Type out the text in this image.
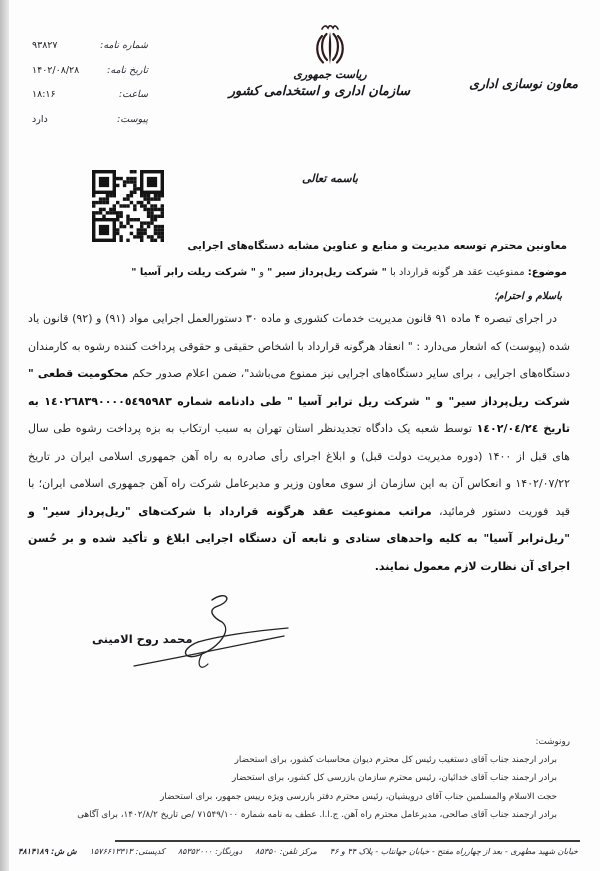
معاون نوسازی اداری
ریاست جمهوری
سازمان اداری و استخدامی کشور
شماره نامه:
۹۳۸۲۷
تاریخ نامه:
۱۴۰۲/۰۸/۲۸
ساعت:
۱۸:۱۶
پیوست:
دارد
باسمه تعالی
معاونین محترم توسعه مدیریت و منابع و عناوین مشابه دستگاه‌های اجرایی
موضوع: ممنوعیت عقد هر گونه قرارداد با " شرکت ریل‌پرداز سیر " و " شرکت ریلت رابر آسیا "
باسلام و احترام؛

در اجرای تبصره ۴ ماده ۹۱ قانون مدیریت خدمات کشوری و ماده ۳۰ دستورالعمل اجرایی مواد (۹۱) و (۹۲) قانون یاد شده (پیوست) که اشعار می‌دارد : " انعقاد هرگونه قرارداد با اشخاص حقیقی و حقوقی پرداخت کننده رشوه به کارمندان دستگاه‌های اجرایی ، برای سایر دستگاه‌های اجرایی نیز ممنوع می‌باشد"، ضمن اعلام صدور حکم محکومیت قطعی " شرکت ریل‌پرداز سیر" و " شرکت ریل ترابر آسیا " طی دادنامه شماره ١٤٠٢٦٨٣٩٠٠٠٠٥٤٩٥٩٨٣ به تاریخ ١٤٠٢/٠٤/٢٤ توسط شعبه یک دادگاه تجدیدنظر استان تهران به سبب ارتکاب به بزه پرداخت رشوه طی سال های قبل از ۱۴۰۰ (دوره مدیریت دولت قبل) و ابلاغ اجرای رأی صادره به راه آهن جمهوری اسلامی ایران در تاریخ ۱۴۰۲/۰۷/۲۲ و انعکاس آن به این سازمان از سوی معاون وزیر و مدیرعامل شرکت راه آهن جمهوری اسلامی ایران؛ با قید فوریت دستور فرمائید، مراتب ممنوعیت عقد هرگونه قرارداد با شرکت‌های "ریل‌پرداز سیر" و "ریل‌ترابر آسیا" به کلیه واحدهای ستادی و تابعه آن دستگاه اجرایی ابلاغ و تأکید شده و بر حُسن اجرای آن نظارت لازم معمول نمایند.

محمد روح الامینی
رونوشت:
برادر ارجمند جناب آقای دستغیب رئیس کل محترم دیوان محاسبات کشور، برای استحضار
برادر ارجمند جناب آقای خدائیان، رئیس محترم سازمان بازرسی کل کشور، برای استحضار
حجت الاسلام والمسلمین جناب آقای درویشیان، رئیس محترم دفتر بازرسی ویژه رییس جمهور، برای استحضار
برادر ارجمند جناب آقای صالحی، مدیرعامل محترم راه آهن. ج.ا.ا. عطف به نامه شماره ۷۱۵۴۹/۱۰۰ /ص تاریخ ۱۴۰۲/۸/۲، برای آگاهی
خیابان شهید مطهری - بعد از چهارراه مفتح - خیابان جهانتاب - پلاک ۴۴ و ۴۶
مرکز تلفن:
۸۵۳۵۰
دورنگار:
۸۵۳۵۲۰۰۰
کدپستی:
۱۵۷۶۶۱۳۳۱۳
ش ش:
۴۸۱۴۱۸۹
